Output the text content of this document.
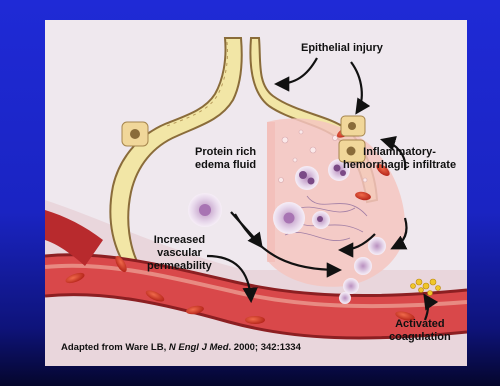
Epithelial injury
Protein rich
edema fluid
Inflammatory-
hemorrhagic infiltrate
Increased
vascular
permeability
Activated
coagulation
Adapted from Ware LB, N Engl J Med. 2000; 342:1334
